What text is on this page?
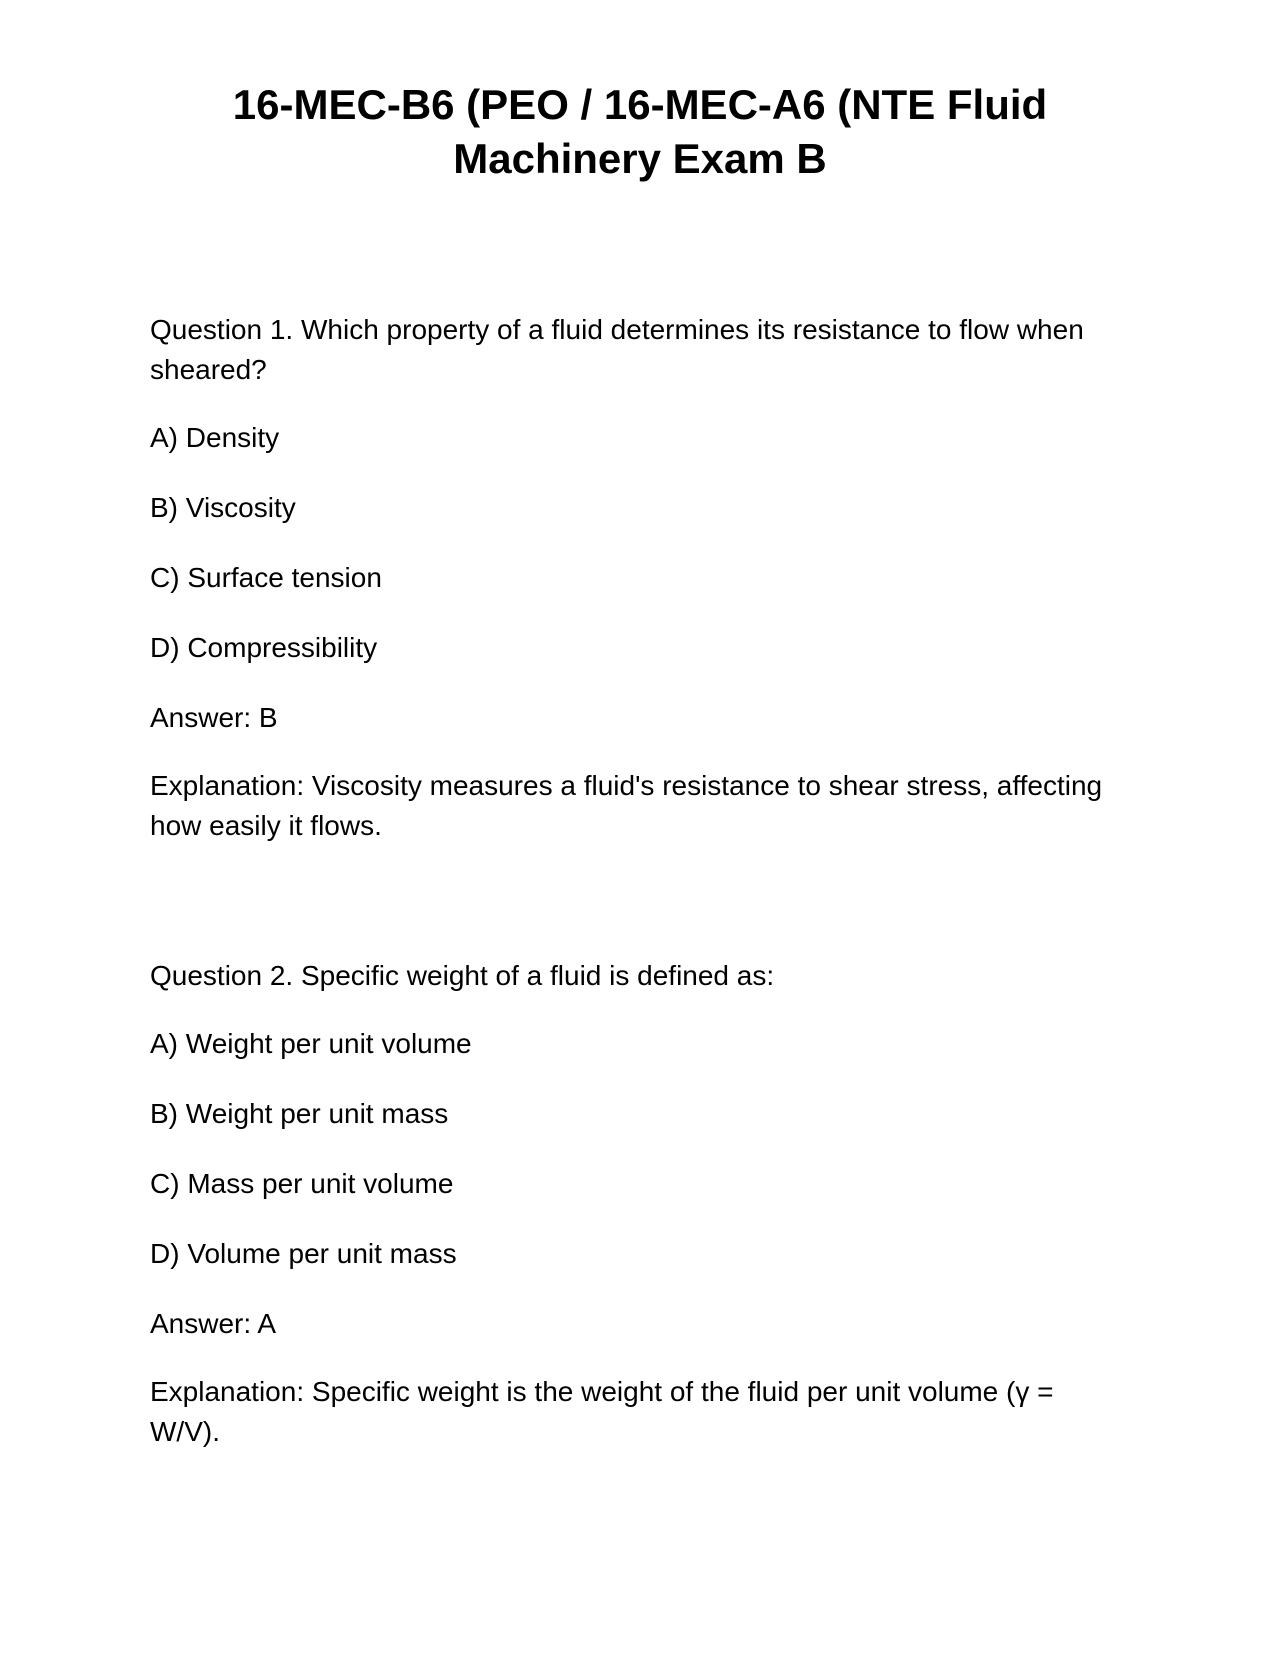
16-MEC-B6 (PEO / 16-MEC-A6 (NTE Fluid Machinery Exam B

Question 1. Which property of a fluid determines its resistance to flow when sheared?

A) Density

B) Viscosity

C) Surface tension

D) Compressibility

Answer: B

Explanation: Viscosity measures a fluid's resistance to shear stress, affecting how easily it flows.

Question 2. Specific weight of a fluid is defined as:

A) Weight per unit volume

B) Weight per unit mass

C) Mass per unit volume

D) Volume per unit mass

Answer: A

Explanation: Specific weight is the weight of the fluid per unit volume (γ = W/V).
